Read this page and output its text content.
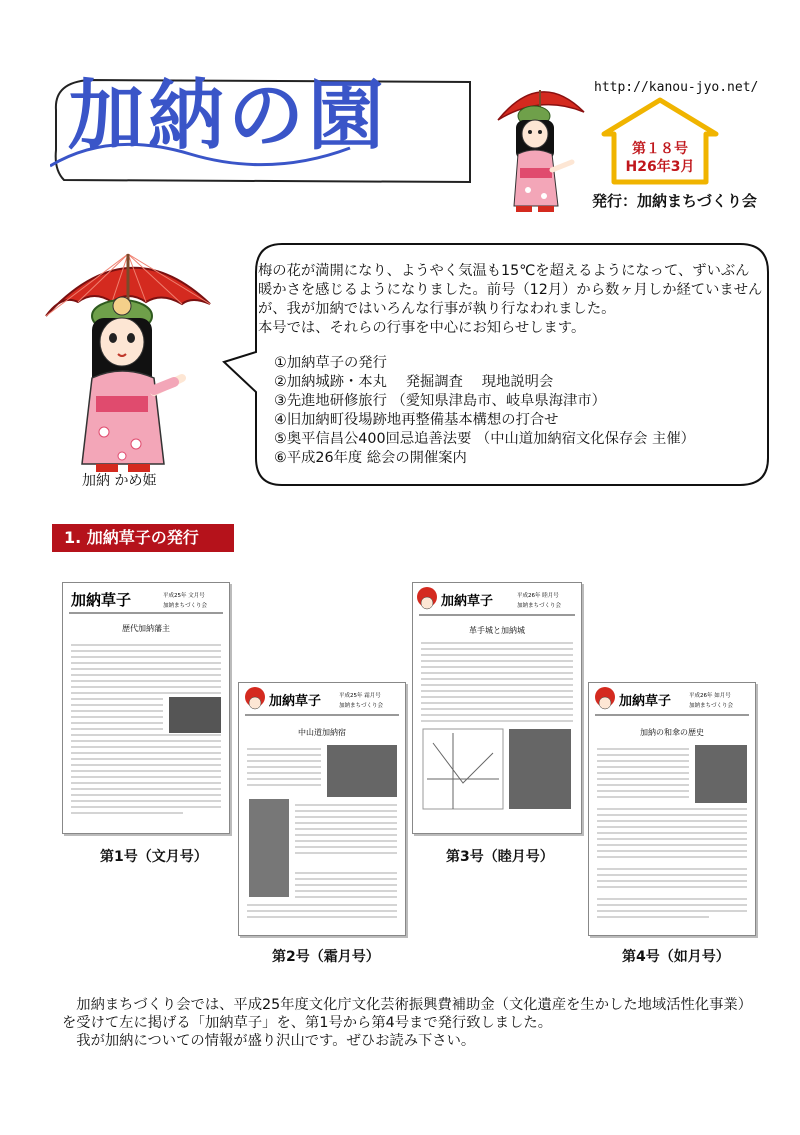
加納の園	http://kanou-jyo.net/
第１８号
H26年3月
発行：加納まちづくり会
加納 かめ姫
梅の花が満開になり、ようやく気温も15℃を超えるようになって、ずいぶん
暖かさを感じるようになりました。前号（12月）から数ヶ月しか経ていません
が、我が加納ではいろんな行事が執り行なわれました。
本号では、それらの行事を中心にお知らせします。
①加納草子の発行
②加納城跡・本丸　 発掘調査　 現地説明会
③先進地研修旅行 （愛知県津島市、岐阜県海津市）
④旧加納町役場跡地再整備基本構想の打合せ
⑤奥平信昌公400回忌追善法要 （中山道加納宿文化保存会 主催）
⑥平成26年度 総会の開催案内
1. 加納草子の発行
加納草子	平成25年 文月号
加納まちづくり会
歴代加納藩主
第1号（文月号）
加納草子	平成25年 霜月号
加納まちづくり会
中山道加納宿
第2号（霜月号）
加納草子	平成26年 睦月号
加納まちづくり会
革手城と加納城
第3号（睦月号）
加納草子	平成26年 如月号
加納まちづくり会
加納の和傘の歴史
第4号（如月号）
　加納まちづくり会では、平成25年度文化庁文化芸術振興費補助金（文化遺産を生かした地域活性化事業）
を受けて左に掲げる「加納草子」を、第1号から第4号まで発行致しました。
　我が加納についての情報が盛り沢山です。ぜひお読み下さい。
